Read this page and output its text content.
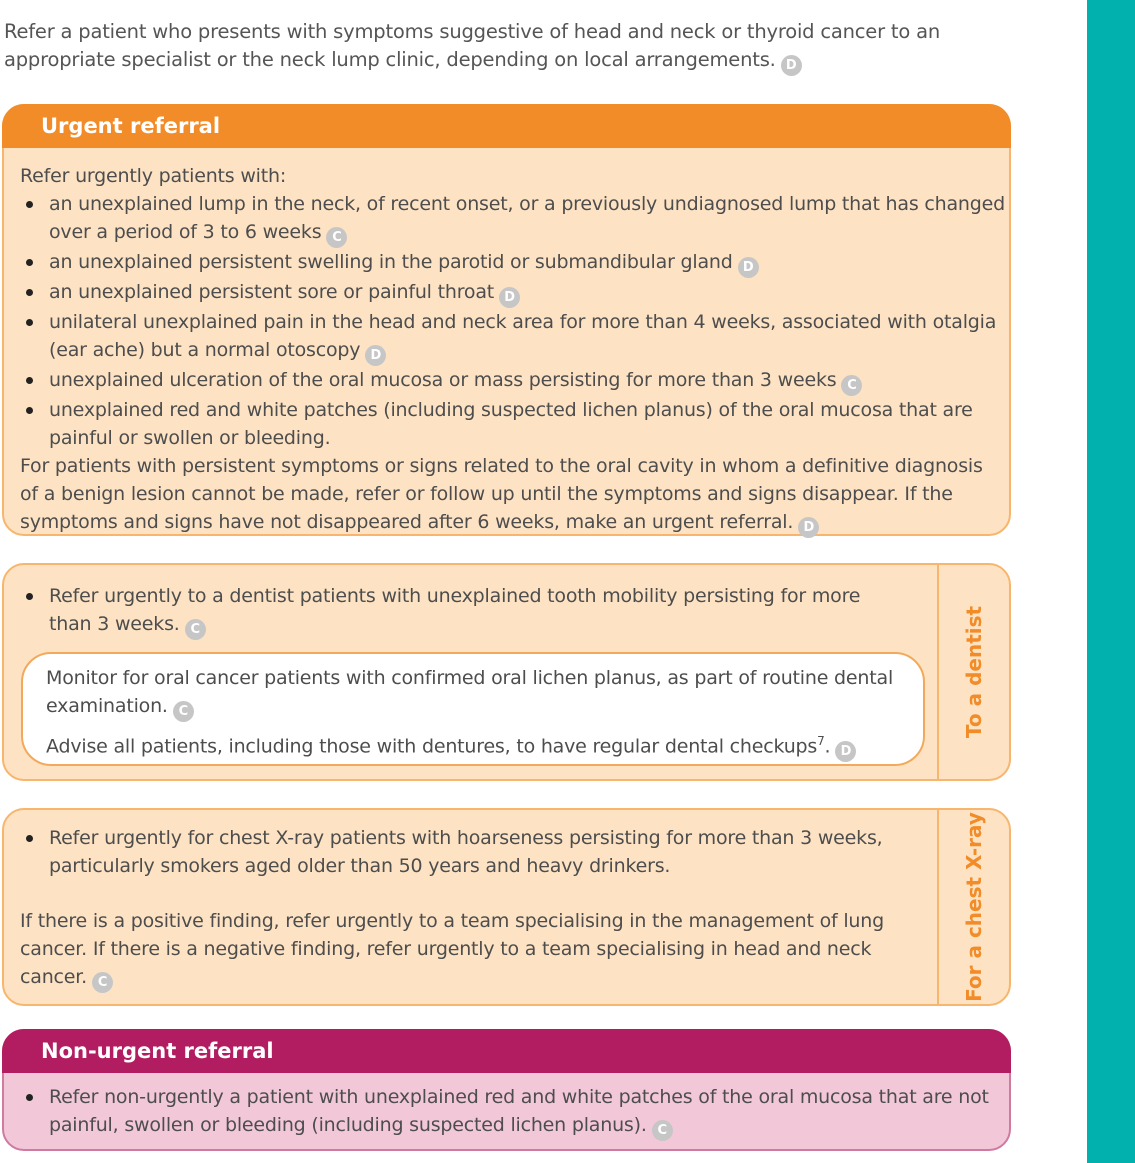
Refer a patient who presents with symptoms suggestive of head and neck or thyroid cancer to an appropriate specialist or the neck lump clinic, depending on local arrangements. D
Urgent referral
Refer urgently patients with:
an unexplained lump in the neck, of recent onset, or a previously undiagnosed lump that has changed over a period of 3 to 6 weeks C
an unexplained persistent swelling in the parotid or submandibular gland D
an unexplained persistent sore or painful throat D
unilateral unexplained pain in the head and neck area for more than 4 weeks, associated with otalgia (ear ache) but a normal otoscopy D
unexplained ulceration of the oral mucosa or mass persisting for more than 3 weeks C
unexplained red and white patches (including suspected lichen planus) of the oral mucosa that are painful or swollen or bleeding.
For patients with persistent symptoms or signs related to the oral cavity in whom a definitive diagnosis of a benign lesion cannot be made, refer or follow up until the symptoms and signs disappear. If the symptoms and signs have not disappeared after 6 weeks, make an urgent referral. D
Refer urgently to a dentist patients with unexplained tooth mobility persisting for more than 3 weeks. C
Monitor for oral cancer patients with confirmed oral lichen planus, as part of routine dental examination. C
Advise all patients, including those with dentures, to have regular dental checkups$^7$. D
To a dentist
Refer urgently for chest X-ray patients with hoarseness persisting for more than 3 weeks, particularly smokers aged older than 50 years and heavy drinkers.
If there is a positive finding, refer urgently to a team specialising in the management of lung cancer. If there is a negative finding, refer urgently to a team specialising in head and neck cancer. C	For a chest X-ray
Non-urgent referral
Refer non-urgently a patient with unexplained red and white patches of the oral mucosa that are not painful, swollen or bleeding (including suspected lichen planus). C
